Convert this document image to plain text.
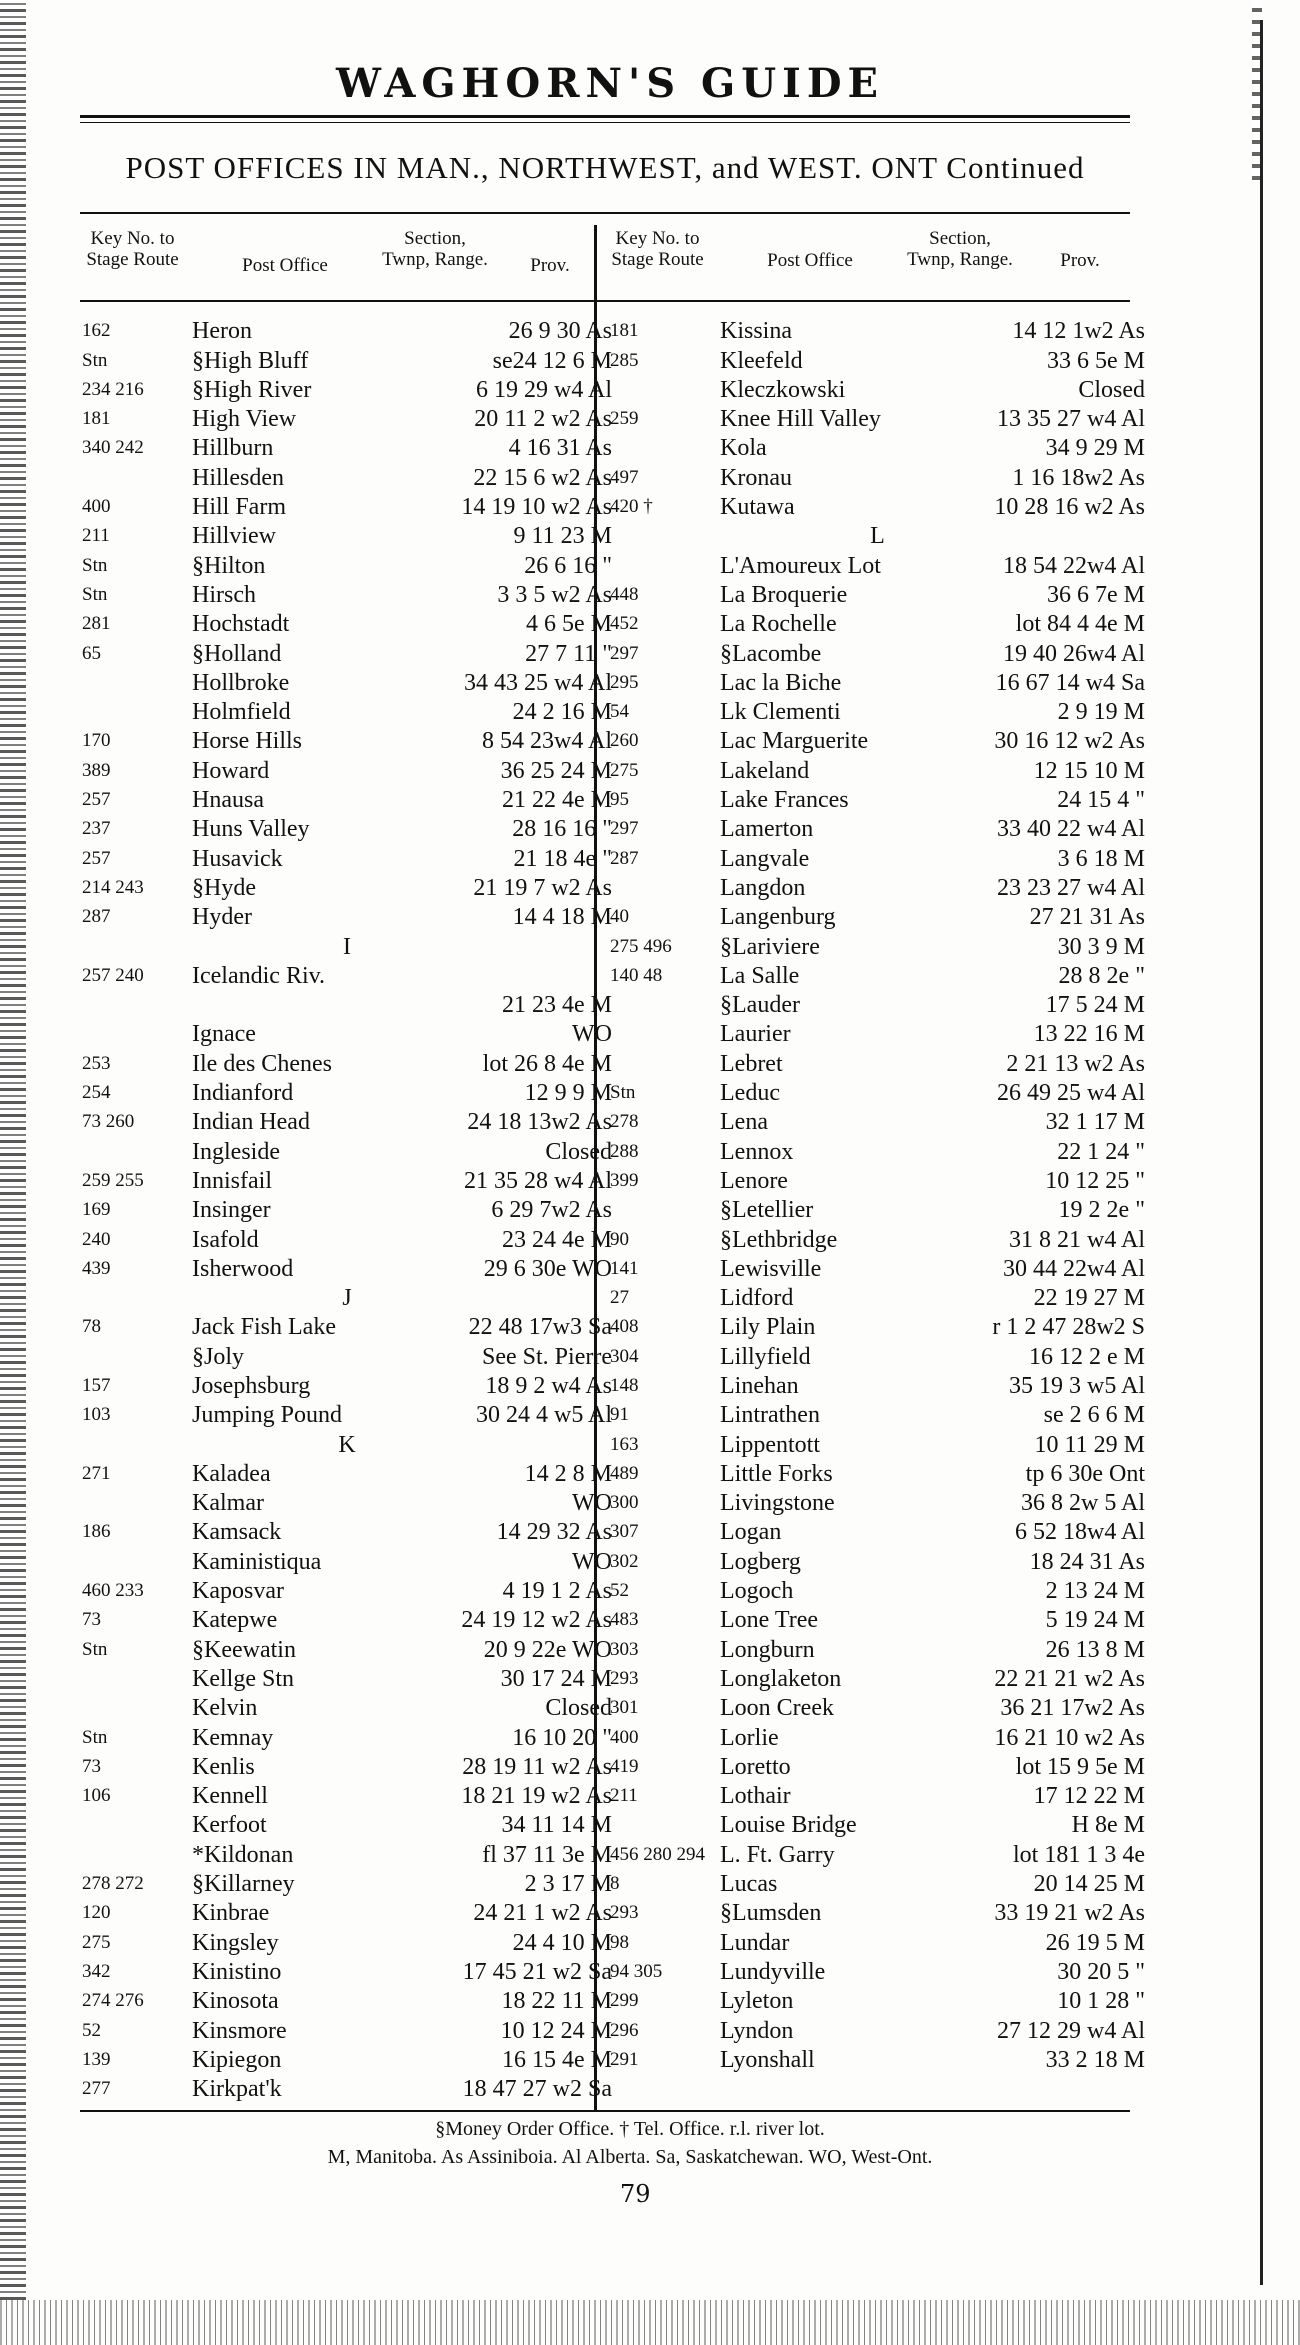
WAGHORN'S GUIDE
POST OFFICES IN MAN., NORTHWEST, and WEST. ONT Continued
Key No. to Stage Route	Post Office
Section, Twnp, Range.	Prov.
Key No. to Stage Route	Post Office
Section, Twnp, Range.	Prov.
162	Heron	26 9 30 As
Stn	§High Bluff	se24 12 6 M
234 216	§High River	6 19 29 w4 Al
181	High View	20 11 2 w2 As
340 242	Hillburn	4 16 31 As
Hillesden	22 15 6 w2 As
400	Hill Farm	14 19 10 w2 As
211	Hillview	9 11 23 M
Stn	§Hilton	26 6 16 "
Stn	Hirsch	3 3 5 w2 As
281	Hochstadt	4 6 5e M
65	§Holland	27 7 11 "
Hollbroke	34 43 25 w4 Al
Holmfield	24 2 16 M
170	Horse Hills	8 54 23w4 Al
389	Howard	36 25 24 M
257	Hnausa	21 22 4e M
237	Huns Valley	28 16 16 "
257	Husavick	21 18 4e "
214 243	§Hyde	21 19 7 w2 As
287	Hyder	14 4 18 M
I
257 240	Icelandic Riv.
21 23 4e M
Ignace	WO
253	Ile des Chenes	lot 26 8 4e M
254	Indianford	12 9 9 M
73 260	Indian Head	24 18 13w2 As
Ingleside	Closed
259 255	Innisfail	21 35 28 w4 Al
169	Insinger	6 29 7w2 As
240	Isafold	23 24 4e M
439	Isherwood	29 6 30e WO
J
78	Jack Fish Lake	22 48 17w3 Sa
§Joly	See St. Pierre
157	Josephsburg	18 9 2 w4 As
103	Jumping Pound	30 24 4 w5 Al
K
271	Kaladea	14 2 8 M
Kalmar	WO
186	Kamsack	14 29 32 As
Kaministiqua	WO
460 233	Kaposvar	4 19 1 2 As
73	Katepwe	24 19 12 w2 As
Stn	§Keewatin	20 9 22e WO
Kellge Stn	30 17 24 M
Kelvin	Closed
Stn	Kemnay	16 10 20 "
73	Kenlis	28 19 11 w2 As
106	Kennell	18 21 19 w2 As
Kerfoot	34 11 14 M
*Kildonan	fl 37 11 3e M
278 272	§Killarney	2 3 17 M
120	Kinbrae	24 21 1 w2 As
275	Kingsley	24 4 10 M
342	Kinistino	17 45 21 w2 Sa
274 276	Kinosota	18 22 11 M
52	Kinsmore	10 12 24 M
139	Kipiegon	16 15 4e M
277	Kirkpat'k	18 47 27 w2 Sa
181	Kissina	14 12 1w2 As
285	Kleefeld	33 6 5e M
Kleczkowski	Closed
259	Knee Hill Valley	13 35 27 w4 Al
Kola	34 9 29 M
497	Kronau	1 16 18w2 As
420 †	Kutawa	10 28 16 w2 As
L
L'Amoureux Lot	18 54 22w4 Al
448	La Broquerie	36 6 7e M
452	La Rochelle	lot 84 4 4e M
297	§Lacombe	19 40 26w4 Al
295	Lac la Biche	16 67 14 w4 Sa
54	Lk Clementi	2 9 19 M
260	Lac Marguerite	30 16 12 w2 As
275	Lakeland	12 15 10 M
95	Lake Frances	24 15 4 "
297	Lamerton	33 40 22 w4 Al
287	Langvale	3 6 18 M
Langdon	23 23 27 w4 Al
40	Langenburg	27 21 31 As
275 496	§Lariviere	30 3 9 M
140 48	La Salle	28 8 2e "
§Lauder	17 5 24 M
Laurier	13 22 16 M
Lebret	2 21 13 w2 As
Stn	Leduc	26 49 25 w4 Al
278	Lena	32 1 17 M
288	Lennox	22 1 24 "
399	Lenore	10 12 25 "
§Letellier	19 2 2e "
90	§Lethbridge	31 8 21 w4 Al
141	Lewisville	30 44 22w4 Al
27	Lidford	22 19 27 M
408	Lily Plain	r 1 2 47 28w2 S
304	Lillyfield	16 12 2 e M
148	Linehan	35 19 3 w5 Al
91	Lintrathen	se 2 6 6 M
163	Lippentott	10 11 29 M
489	Little Forks	tp 6 30e Ont
300	Livingstone	36 8 2w 5 Al
307	Logan	6 52 18w4 Al
302	Logberg	18 24 31 As
52	Logoch	2 13 24 M
483	Lone Tree	5 19 24 M
303	Longburn	26 13 8 M
293	Longlaketon	22 21 21 w2 As
301	Loon Creek	36 21 17w2 As
400	Lorlie	16 21 10 w2 As
419	Loretto	lot 15 9 5e M
211	Lothair	17 12 22 M
Louise Bridge	H 8e M
456 280 294 L. Ft. Garry	lot 181 1 3 4e
8	Lucas	20 14 25 M
293	§Lumsden	33 19 21 w2 As
98	Lundar	26 19 5 M
94 305	Lundyville	30 20 5 "
299	Lyleton	10 1 28 "
296	Lyndon	27 12 29 w4 Al
291	Lyonshall	33 2 18 M
§Money Order Office. † Tel. Office. r.l. river lot.
M, Manitoba. As Assiniboia. Al Alberta. Sa, Saskatchewan. WO, West-Ont.
79
